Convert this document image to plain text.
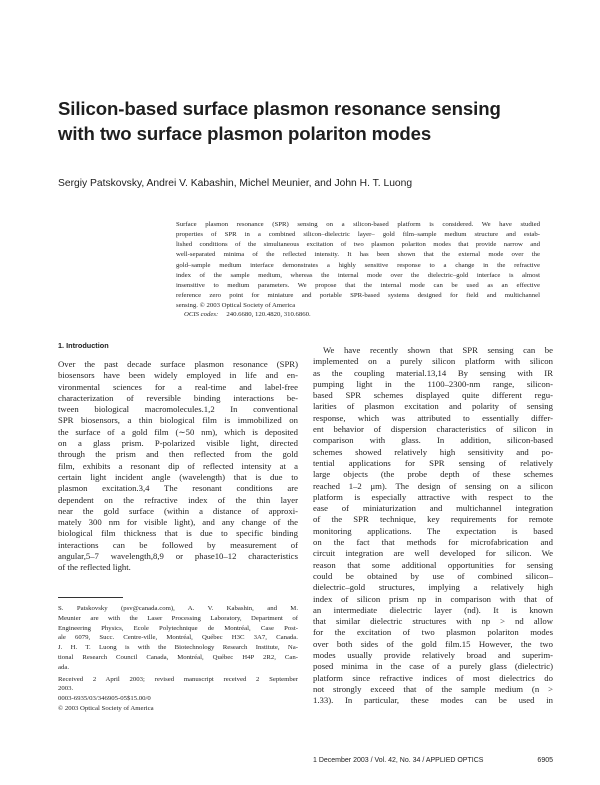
Silicon-based surface plasmon resonance sensing
with two surface plasmon polariton modes
Sergiy Patskovsky, Andrei V. Kabashin, Michel Meunier, and John H. T. Luong
Surface plasmon resonance (SPR) sensing on a silicon-based platform is considered. We have studied
properties of SPR in a combined silicon–dielectric layer– gold film–sample medium structure and estab-
lished conditions of the simultaneous excitation of two plasmon polariton modes that provide narrow and
well-separated minima of the reflected intensity. It has been shown that the external mode over the
gold–sample medium interface demonstrates a highly sensitive response to a change in the refractive
index of the sample medium, whereas the internal mode over the dielectric–gold interface is almost
insensitive to medium parameters. We propose that the internal mode can be used as an effective
reference zero point for miniature and portable SPR-based systems designed for field and multichannel
sensing. © 2003 Optical Society of America
OCIS codes: 240.6680, 120.4820, 310.6860.
1. Introduction
Over the past decade surface plasmon resonance (SPR)
biosensors have been widely employed in life and en-
vironmental sciences for a real-time and label-free
characterization of reversible binding interactions be-
tween biological macromolecules.1,2 In conventional
SPR biosensors, a thin biological film is immobilized on
the surface of a gold film (∼50 nm), which is deposited
on a glass prism. P-polarized visible light, directed
through the prism and then reflected from the gold
film, exhibits a resonant dip of reflected intensity at a
certain light incident angle (wavelength) that is due to
plasmon excitation.3,4 The resonant conditions are
dependent on the refractive index of the thin layer
near the gold surface (within a distance of approxi-
mately 300 nm for visible light), and any change of the
biological film thickness that is due to specific binding
interactions can be followed by measurement of
angular,5–7 wavelength,8,9 or phase10–12 characteristics
of the reflected light.
S. Patskovsky (psv@canada.com), A. V. Kabashin, and M.
Meunier are with the Laser Processing Laboratory, Department of
Engineering Physics, Ecole Polytechnique de Montréal, Case Post-
ale 6079, Succ. Centre-ville, Montréal, Québec H3C 3A7, Canada.
J. H. T. Luong is with the Biotechnology Research Institute, Na-
tional Research Council Canada, Montréal, Québec H4P 2R2, Can-
ada.
Received 2 April 2003; revised manuscript received 2 September
2003.
0003-6935/03/346905-05$15.00/0
© 2003 Optical Society of America
We have recently shown that SPR sensing can be
implemented on a purely silicon platform with silicon
as the coupling material.13,14 By sensing with IR
pumping light in the 1100–2300-nm range, silicon-
based SPR schemes displayed quite different regu-
larities of plasmon excitation and polarity of sensing
response, which was attributed to essentially differ-
ent behavior of dispersion characteristics of silicon in
comparison with glass. In addition, silicon-based
schemes showed relatively high sensitivity and po-
tential applications for SPR sensing of relatively
large objects (the probe depth of these schemes
reached 1–2 μm). The design of sensing on a silicon
platform is especially attractive with respect to the
ease of miniaturization and multichannel integration
of the SPR technique, key requirements for remote
monitoring applications. The expectation is based
on the fact that methods for microfabrication and
circuit integration are well developed for silicon. We
reason that some additional opportunities for sensing
could be obtained by use of combined silicon–
dielectric–gold structures, implying a relatively high
index of silicon prism np in comparison with that of
an intermediate dielectric layer (nd). It is known
that similar dielectric structures with np > nd allow
for the excitation of two plasmon polariton modes
over both sides of the gold film.15 However, the two
modes usually provide relatively broad and superim-
posed minima in the case of a purely glass (dielectric)
platform since refractive indices of most dielectrics do
not strongly exceed that of the sample medium (n >
1.33). In particular, these modes can be used in
1 December 2003 / Vol. 42, No. 34 / APPLIED OPTICS	6905
